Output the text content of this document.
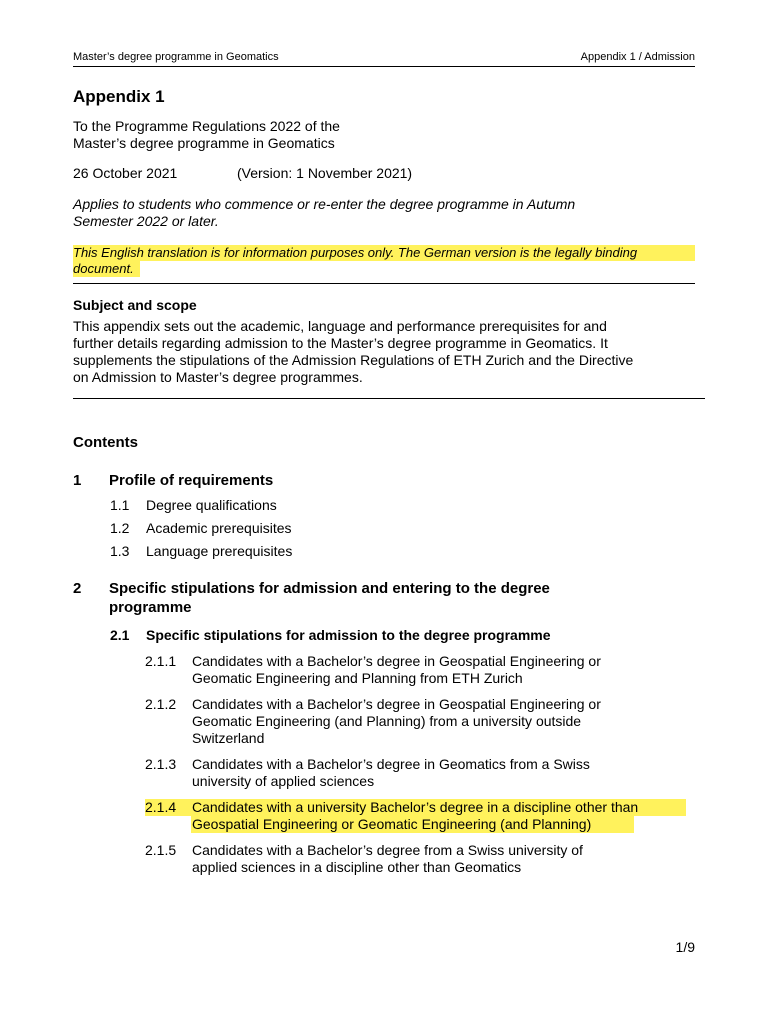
Master’s degree programme in Geomatics	Appendix 1 / Admission
Appendix 1
To the Programme Regulations 2022 of the
Master’s degree programme in Geomatics
26 October 2021	(Version: 1 November 2021)
Applies to students who commence or re-enter the degree programme in Autumn
Semester 2022 or later.
This English translation is for information purposes only. The German version is the legally binding
document.
Subject and scope
This appendix sets out the academic, language and performance prerequisites for and
further details regarding admission to the Master’s degree programme in Geomatics. It
supplements the stipulations of the Admission Regulations of ETH Zurich and the Directive
on Admission to Master’s degree programmes.
Contents
1 Profile of requirements
1.1 Degree qualifications
1.2 Academic prerequisites
1.3 Language prerequisites
2 Specific stipulations for admission and entering to the degree
programme
2.1 Specific stipulations for admission to the degree programme
2.1.1 Candidates with a Bachelor’s degree in Geospatial Engineering or
Geomatic Engineering and Planning from ETH Zurich
2.1.2 Candidates with a Bachelor’s degree in Geospatial Engineering or
Geomatic Engineering (and Planning) from a university outside
Switzerland
2.1.3 Candidates with a Bachelor’s degree in Geomatics from a Swiss
university of applied sciences
2.1.4 Candidates with a university Bachelor’s degree in a discipline other than
Geospatial Engineering or Geomatic Engineering (and Planning)
2.1.5 Candidates with a Bachelor’s degree from a Swiss university of
applied sciences in a discipline other than Geomatics
1/9
